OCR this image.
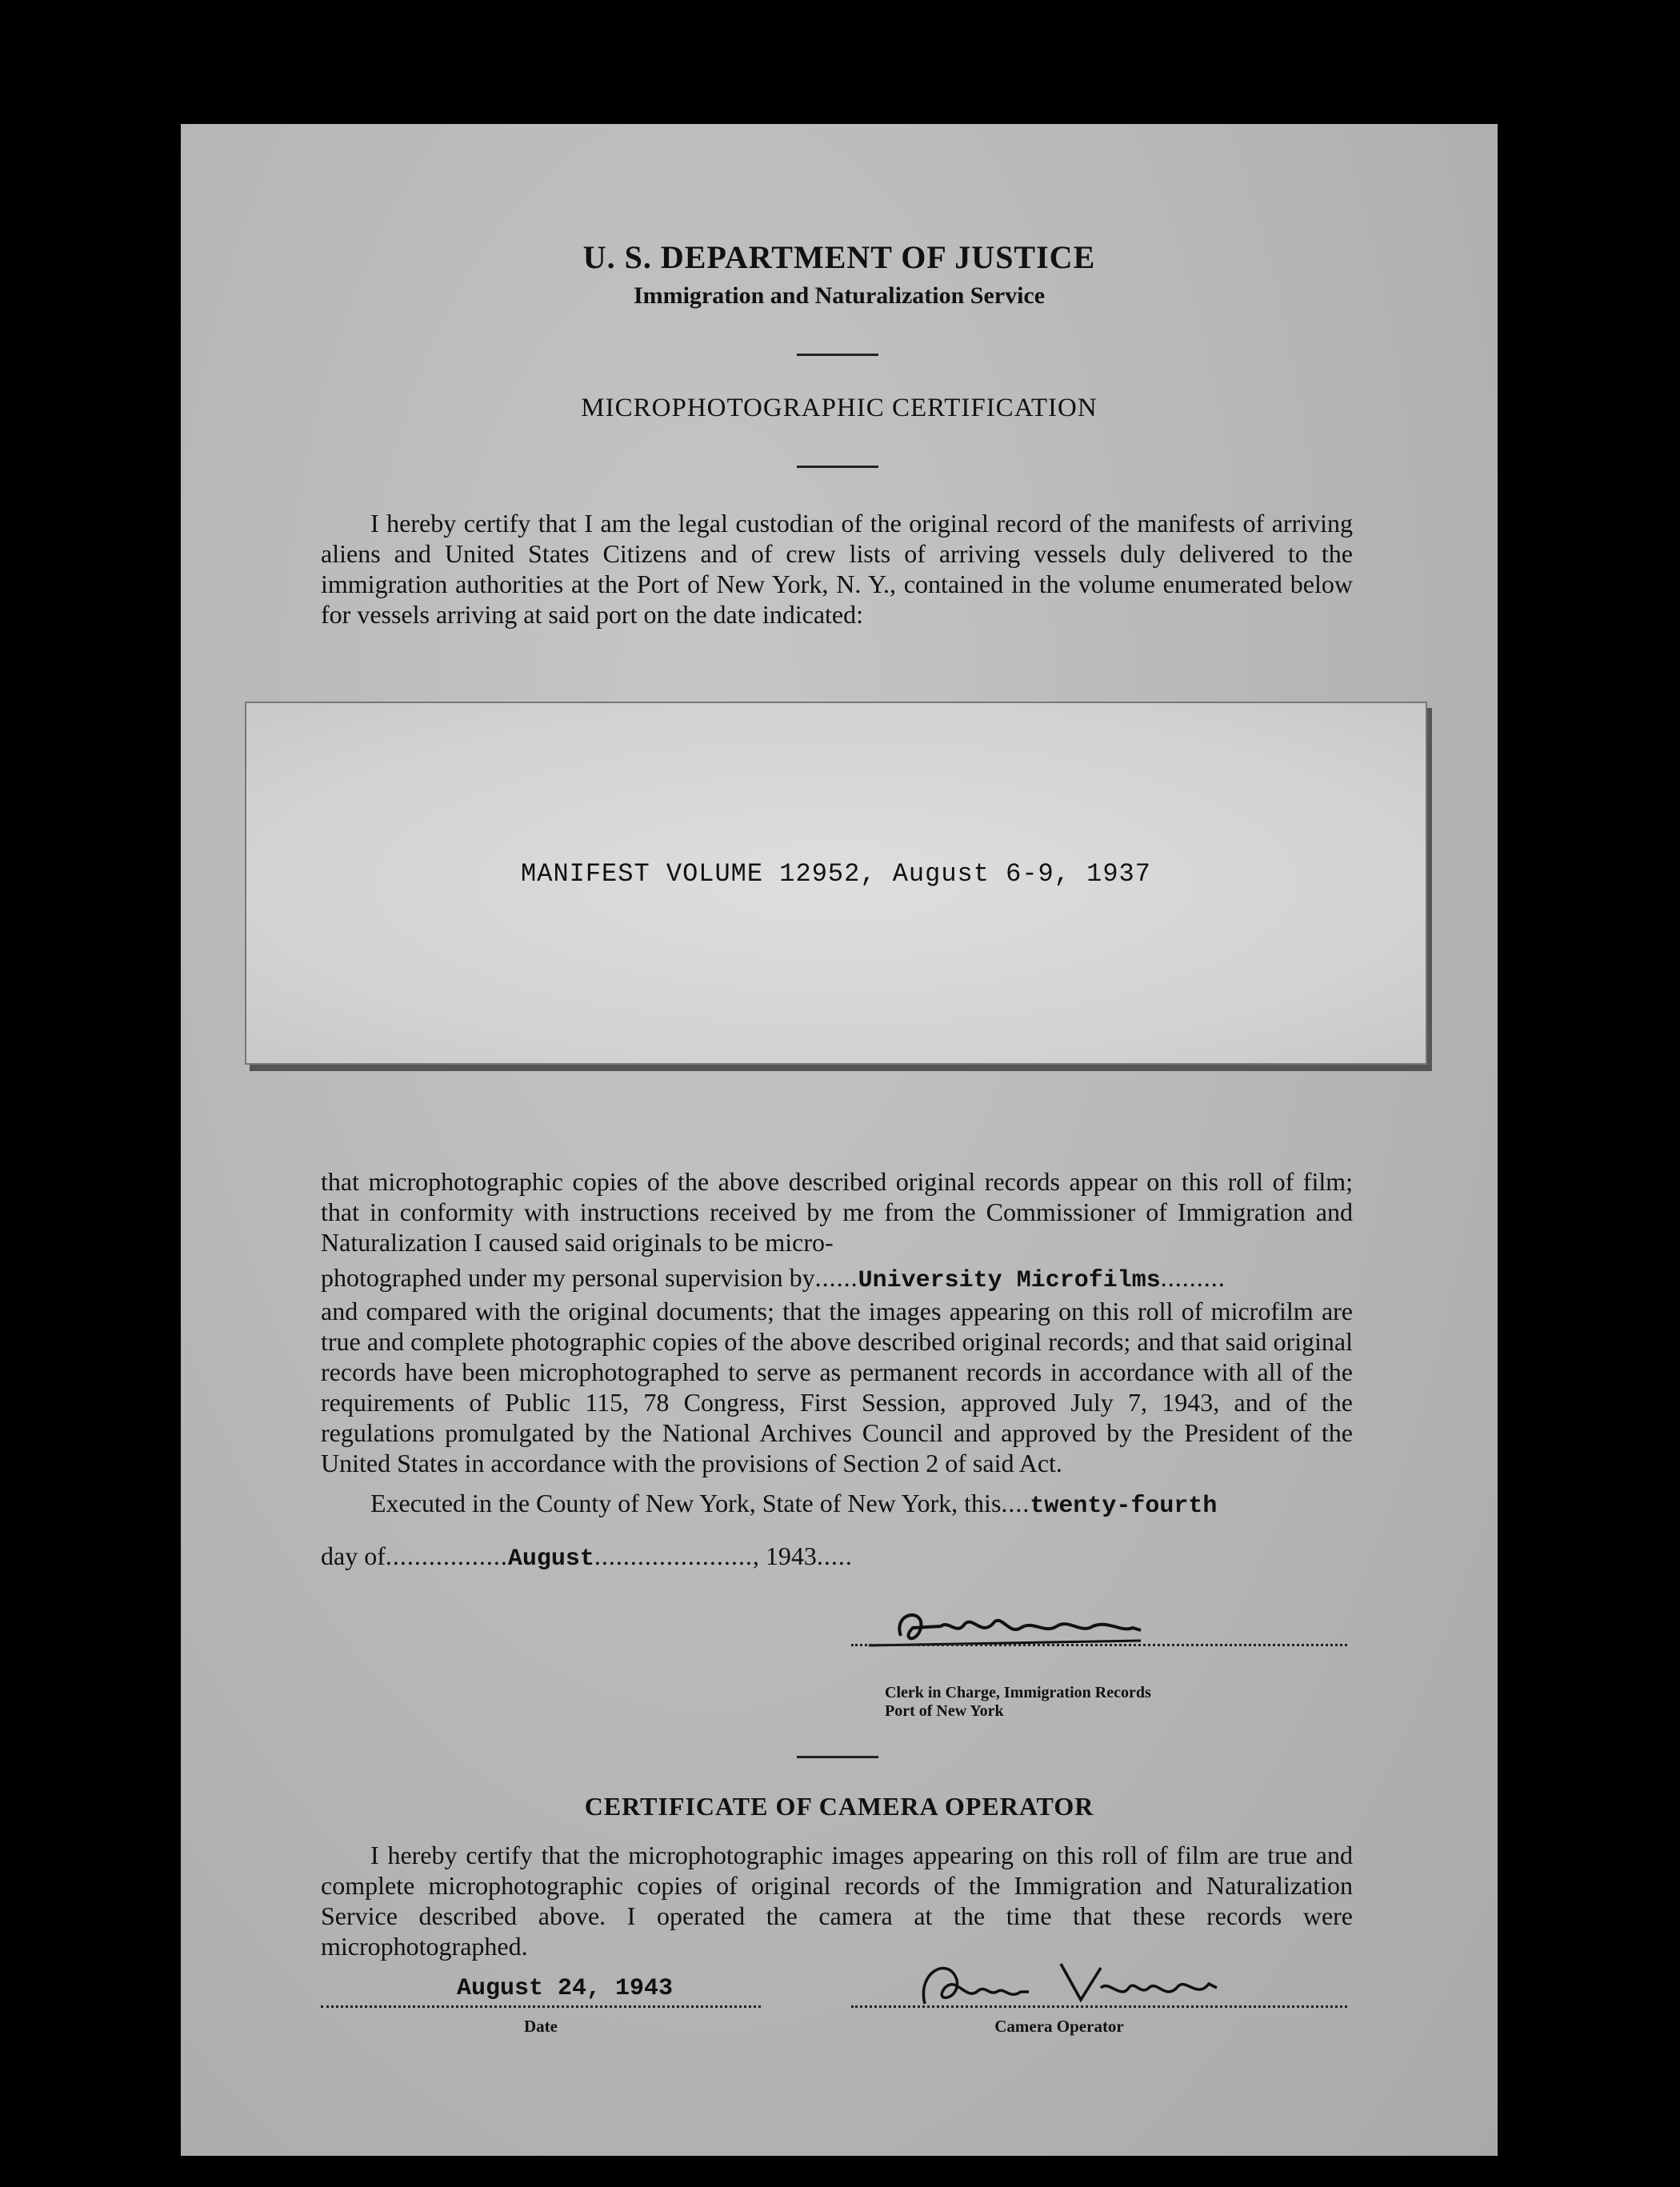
U. S. DEPARTMENT OF JUSTICE
Immigration and Naturalization Service
MICROPHOTOGRAPHIC CERTIFICATION

I hereby certify that I am the legal custodian of the original record of the manifests of arriving aliens and United States Citizens and of crew lists of arriving vessels duly delivered to the immigration authorities at the Port of New York, N. Y., contained in the volume enumerated below for vessels arriving at said port on the date indicated:

MANIFEST VOLUME 12952, August 6-9, 1937

that microphotographic copies of the above described original records appear on this roll of film; that in conformity with instructions received by me from the Commissioner of Immigration and Naturalization I caused said originals to be micro-

photographed under my personal supervision by......University Microfilms.........

and compared with the original documents; that the images appearing on this roll of microfilm are true and complete photographic copies of the above described original records; and that said original records have been microphotographed to serve as permanent records in accordance with all of the requirements of Public 115, 78 Congress, First Session, approved July 7, 1943, and of the regulations promulgated by the National Archives Council and approved by the President of the United States in accordance with the provisions of Section 2 of said Act.

Executed in the County of New York, State of New York, this....twenty-fourth

day of.................August......................, 1943.....

Clerk in Charge, Immigration Records
Port of New York
CERTIFICATE OF CAMERA OPERATOR

I hereby certify that the microphotographic images appearing on this roll of film are true and complete microphotographic copies of original records of the Immigration and Naturalization Service described above. I operated the camera at the time that these records were microphotographed.

August 24, 1943
Date	Camera Operator
